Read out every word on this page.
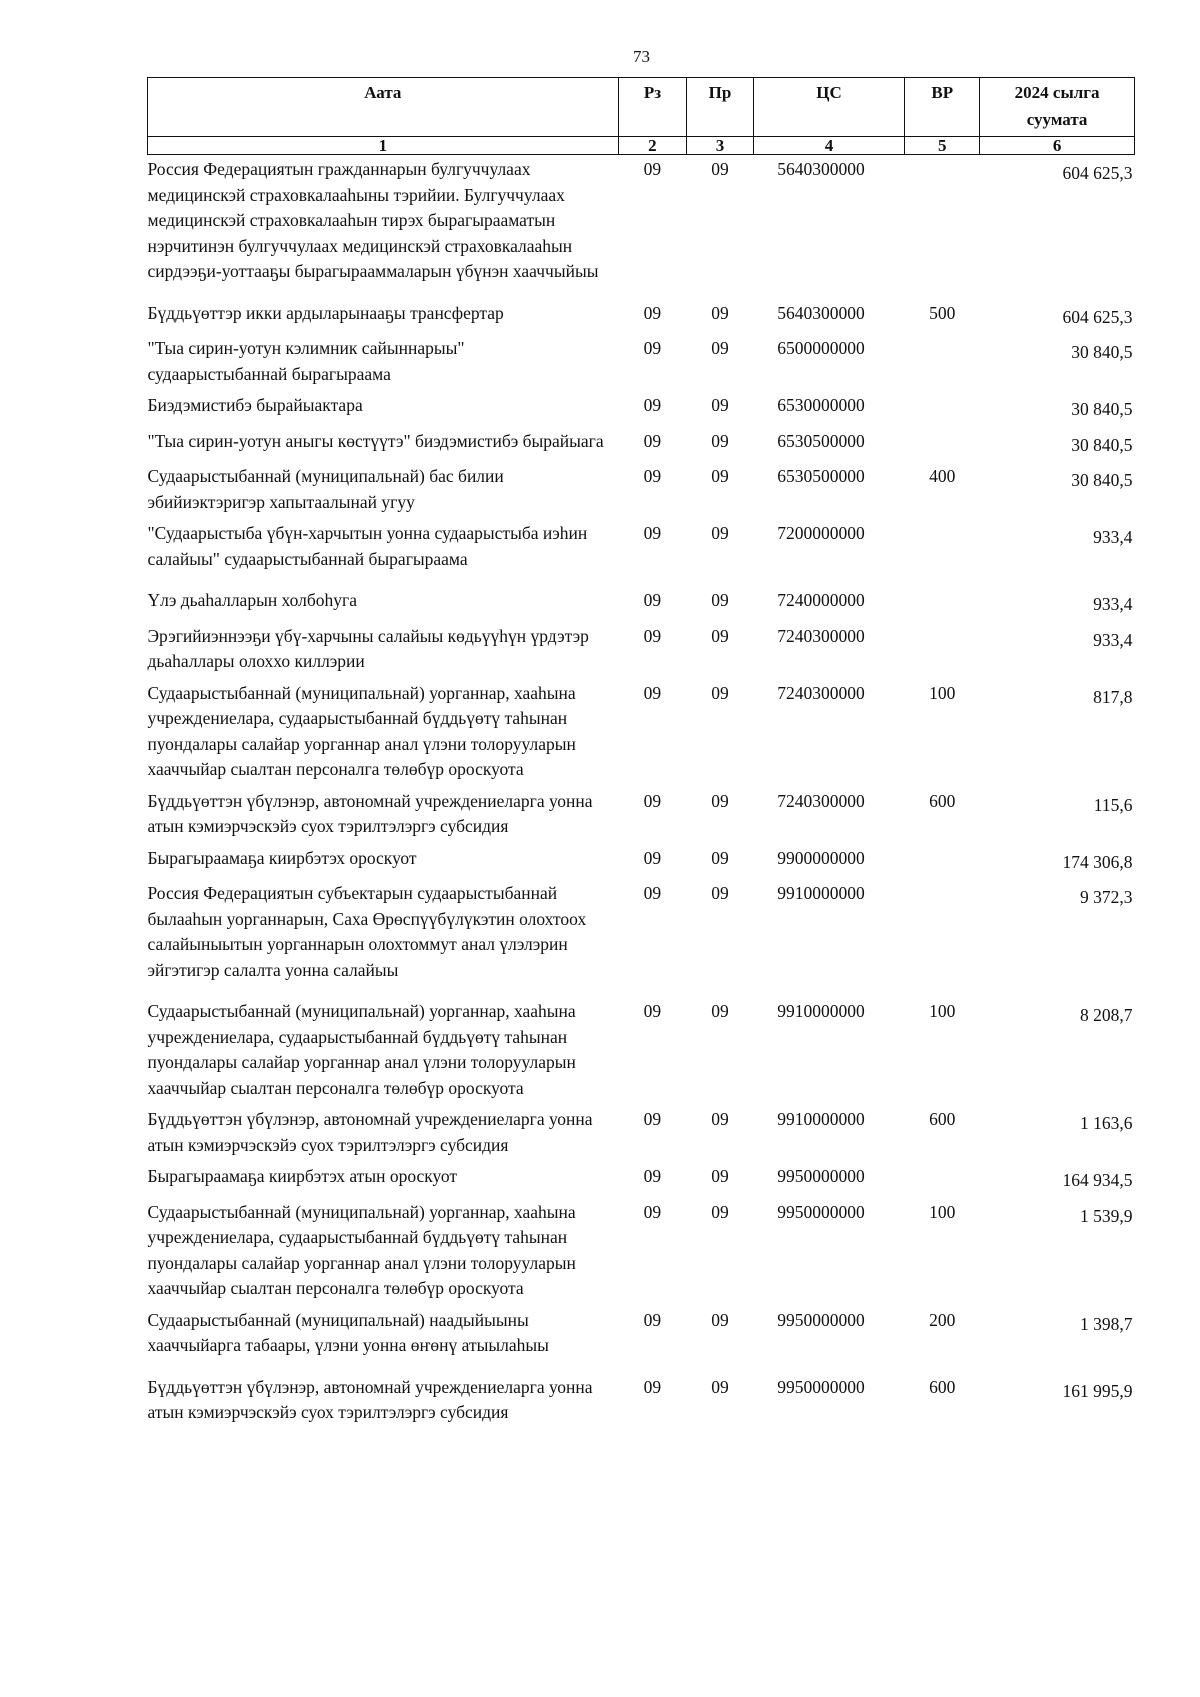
73
Аата	Рз	Пр	ЦС	ВР	2024 сылга суумата
1	2	3	4	5	6
Россия Федерациятын гражданнарын булгуччулаах медицинскэй страховкалааһыны тэрийии. Булгуччулаах медицинскэй страховкалааһын тирэх бырагырааматын нэрчитинэн булгуччулаах медицинскэй страховкалааһын сирдээҕи-уоттааҕы бырагырааммаларын үбүнэн хааччыйыы	09	09	5640300000		604 625,3
Бүддьүөттэр икки ардыларынааҕы трансфертар	09	09	5640300000	500	604 625,3
"Тыа сирин-уотун кэлимник сайыннарыы" судаарыстыбаннай бырагыраама	09	09	6500000000		30 840,5
Биэдэмистибэ бырайыактара	09	09	6530000000		30 840,5
"Тыа сирин-уотун аныгы көстүүтэ" биэдэмистибэ бырайыага	09	09	6530500000		30 840,5
Судаарыстыбаннай (муниципальнай) бас билии эбийиэктэригэр хапытаалынай угуу	09	09	6530500000	400	30 840,5
"Судаарыстыба үбүн-харчытын уонна судаарыстыба иэһин салайыы" судаарыстыбаннай бырагыраама	09	09	7200000000		933,4
Үлэ дьаһалларын холбоһуга	09	09	7240000000		933,4
Эрэгийиэннээҕи үбү-харчыны салайыы көдьүүһүн үрдэтэр дьаһаллары олоххо киллэрии	09	09	7240300000		933,4
Судаарыстыбаннай (муниципальнай) уорганнар, хааһына учреждениелара, судаарыстыбаннай бүддьүөтү таһынан пуондалары салайар уорганнар анал үлэни толорууларын хааччыйар сыалтан персоналга төлөбүр ороскуота	09	09	7240300000	100	817,8
Бүддьүөттэн үбүлэнэр, автономнай учреждениеларга уонна атын кэмиэрчэскэйэ суох тэрилтэлэргэ субсидия	09	09	7240300000	600	115,6
Бырагыраамаҕа киирбэтэх ороскуот	09	09	9900000000		174 306,8
Россия Федерациятын субъектарын судаарыстыбаннай былааһын уорганнарын, Саха Өрөспүүбүлүкэтин олохтоох салайыныытын уорганнарын олохтоммут анал үлэлэрин эйгэтигэр салалта уонна салайыы	09	09	9910000000		9 372,3
Судаарыстыбаннай (муниципальнай) уорганнар, хааһына учреждениелара, судаарыстыбаннай бүддьүөтү таһынан пуондалары салайар уорганнар анал үлэни толорууларын хааччыйар сыалтан персоналга төлөбүр ороскуота	09	09	9910000000	100	8 208,7
Бүддьүөттэн үбүлэнэр, автономнай учреждениеларга уонна атын кэмиэрчэскэйэ суох тэрилтэлэргэ субсидия	09	09	9910000000	600	1 163,6
Бырагыраамаҕа киирбэтэх атын ороскуот	09	09	9950000000		164 934,5
Судаарыстыбаннай (муниципальнай) уорганнар, хааһына учреждениелара, судаарыстыбаннай бүддьүөтү таһынан пуондалары салайар уорганнар анал үлэни толорууларын хааччыйар сыалтан персоналга төлөбүр ороскуота	09	09	9950000000	100	1 539,9
Судаарыстыбаннай (муниципальнай) наадыйыыны хааччыйарга табаары, үлэни уонна өҥөнү атыылаһыы	09	09	9950000000	200	1 398,7
Бүддьүөттэн үбүлэнэр, автономнай учреждениеларга уонна атын кэмиэрчэскэйэ суох тэрилтэлэргэ субсидия	09	09	9950000000	600	161 995,9
